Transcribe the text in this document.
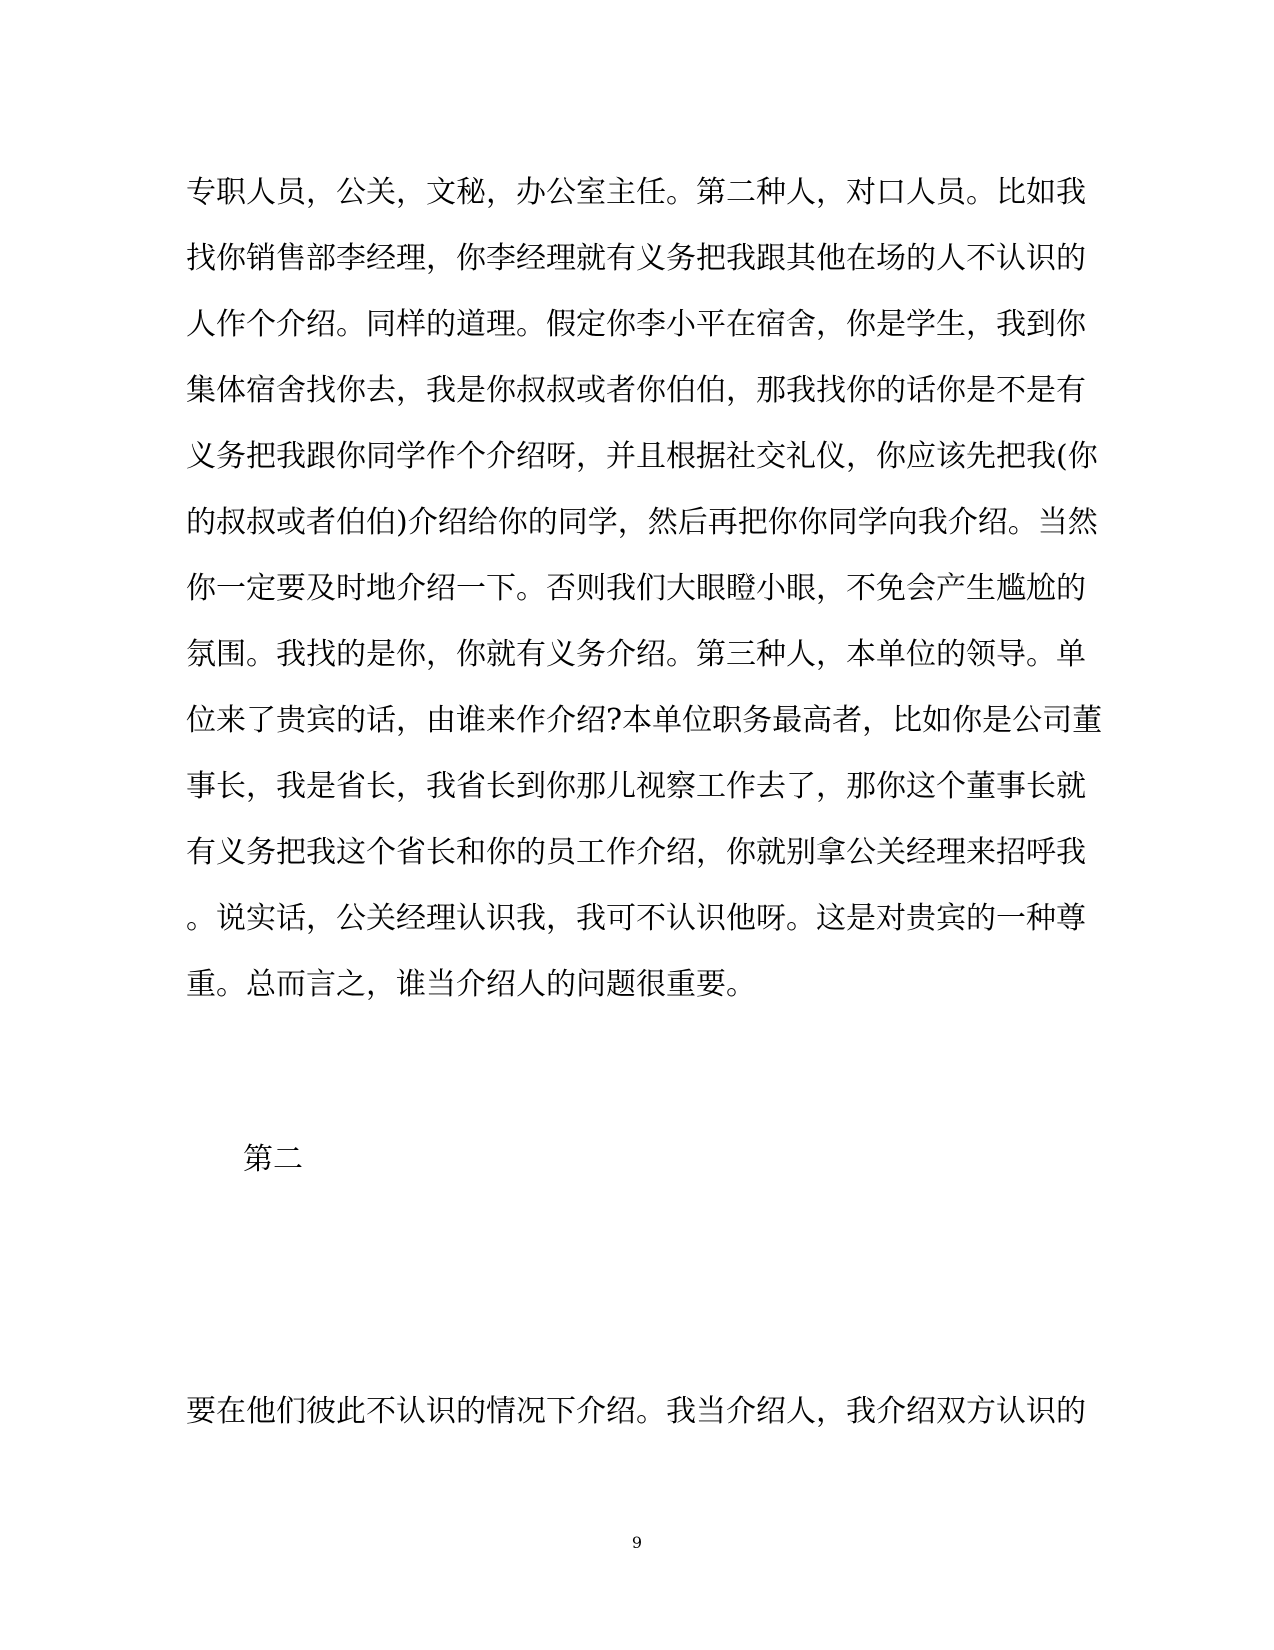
专职人员，公关，文秘，办公室主任。第二种人，对口人员。比如我
找你销售部李经理，你李经理就有义务把我跟其他在场的人不认识的
人作个介绍。同样的道理。假定你李小平在宿舍，你是学生，我到你
集体宿舍找你去，我是你叔叔或者你伯伯，那我找你的话你是不是有
义务把我跟你同学作个介绍呀，并且根据社交礼仪，你应该先把我(你
的叔叔或者伯伯)介绍给你的同学，然后再把你你同学向我介绍。当然
你一定要及时地介绍一下。否则我们大眼瞪小眼，不免会产生尴尬的
氛围。我找的是你，你就有义务介绍。第三种人，本单位的领导。单
位来了贵宾的话，由谁来作介绍?本单位职务最高者，比如你是公司董
事长，我是省长，我省长到你那儿视察工作去了，那你这个董事长就
有义务把我这个省长和你的员工作介绍，你就别拿公关经理来招呼我
。说实话，公关经理认识我，我可不认识他呀。这是对贵宾的一种尊
重。总而言之，谁当介绍人的问题很重要。
第二

要在他们彼此不认识的情况下介绍。我当介绍人，我介绍双方认识的

9
